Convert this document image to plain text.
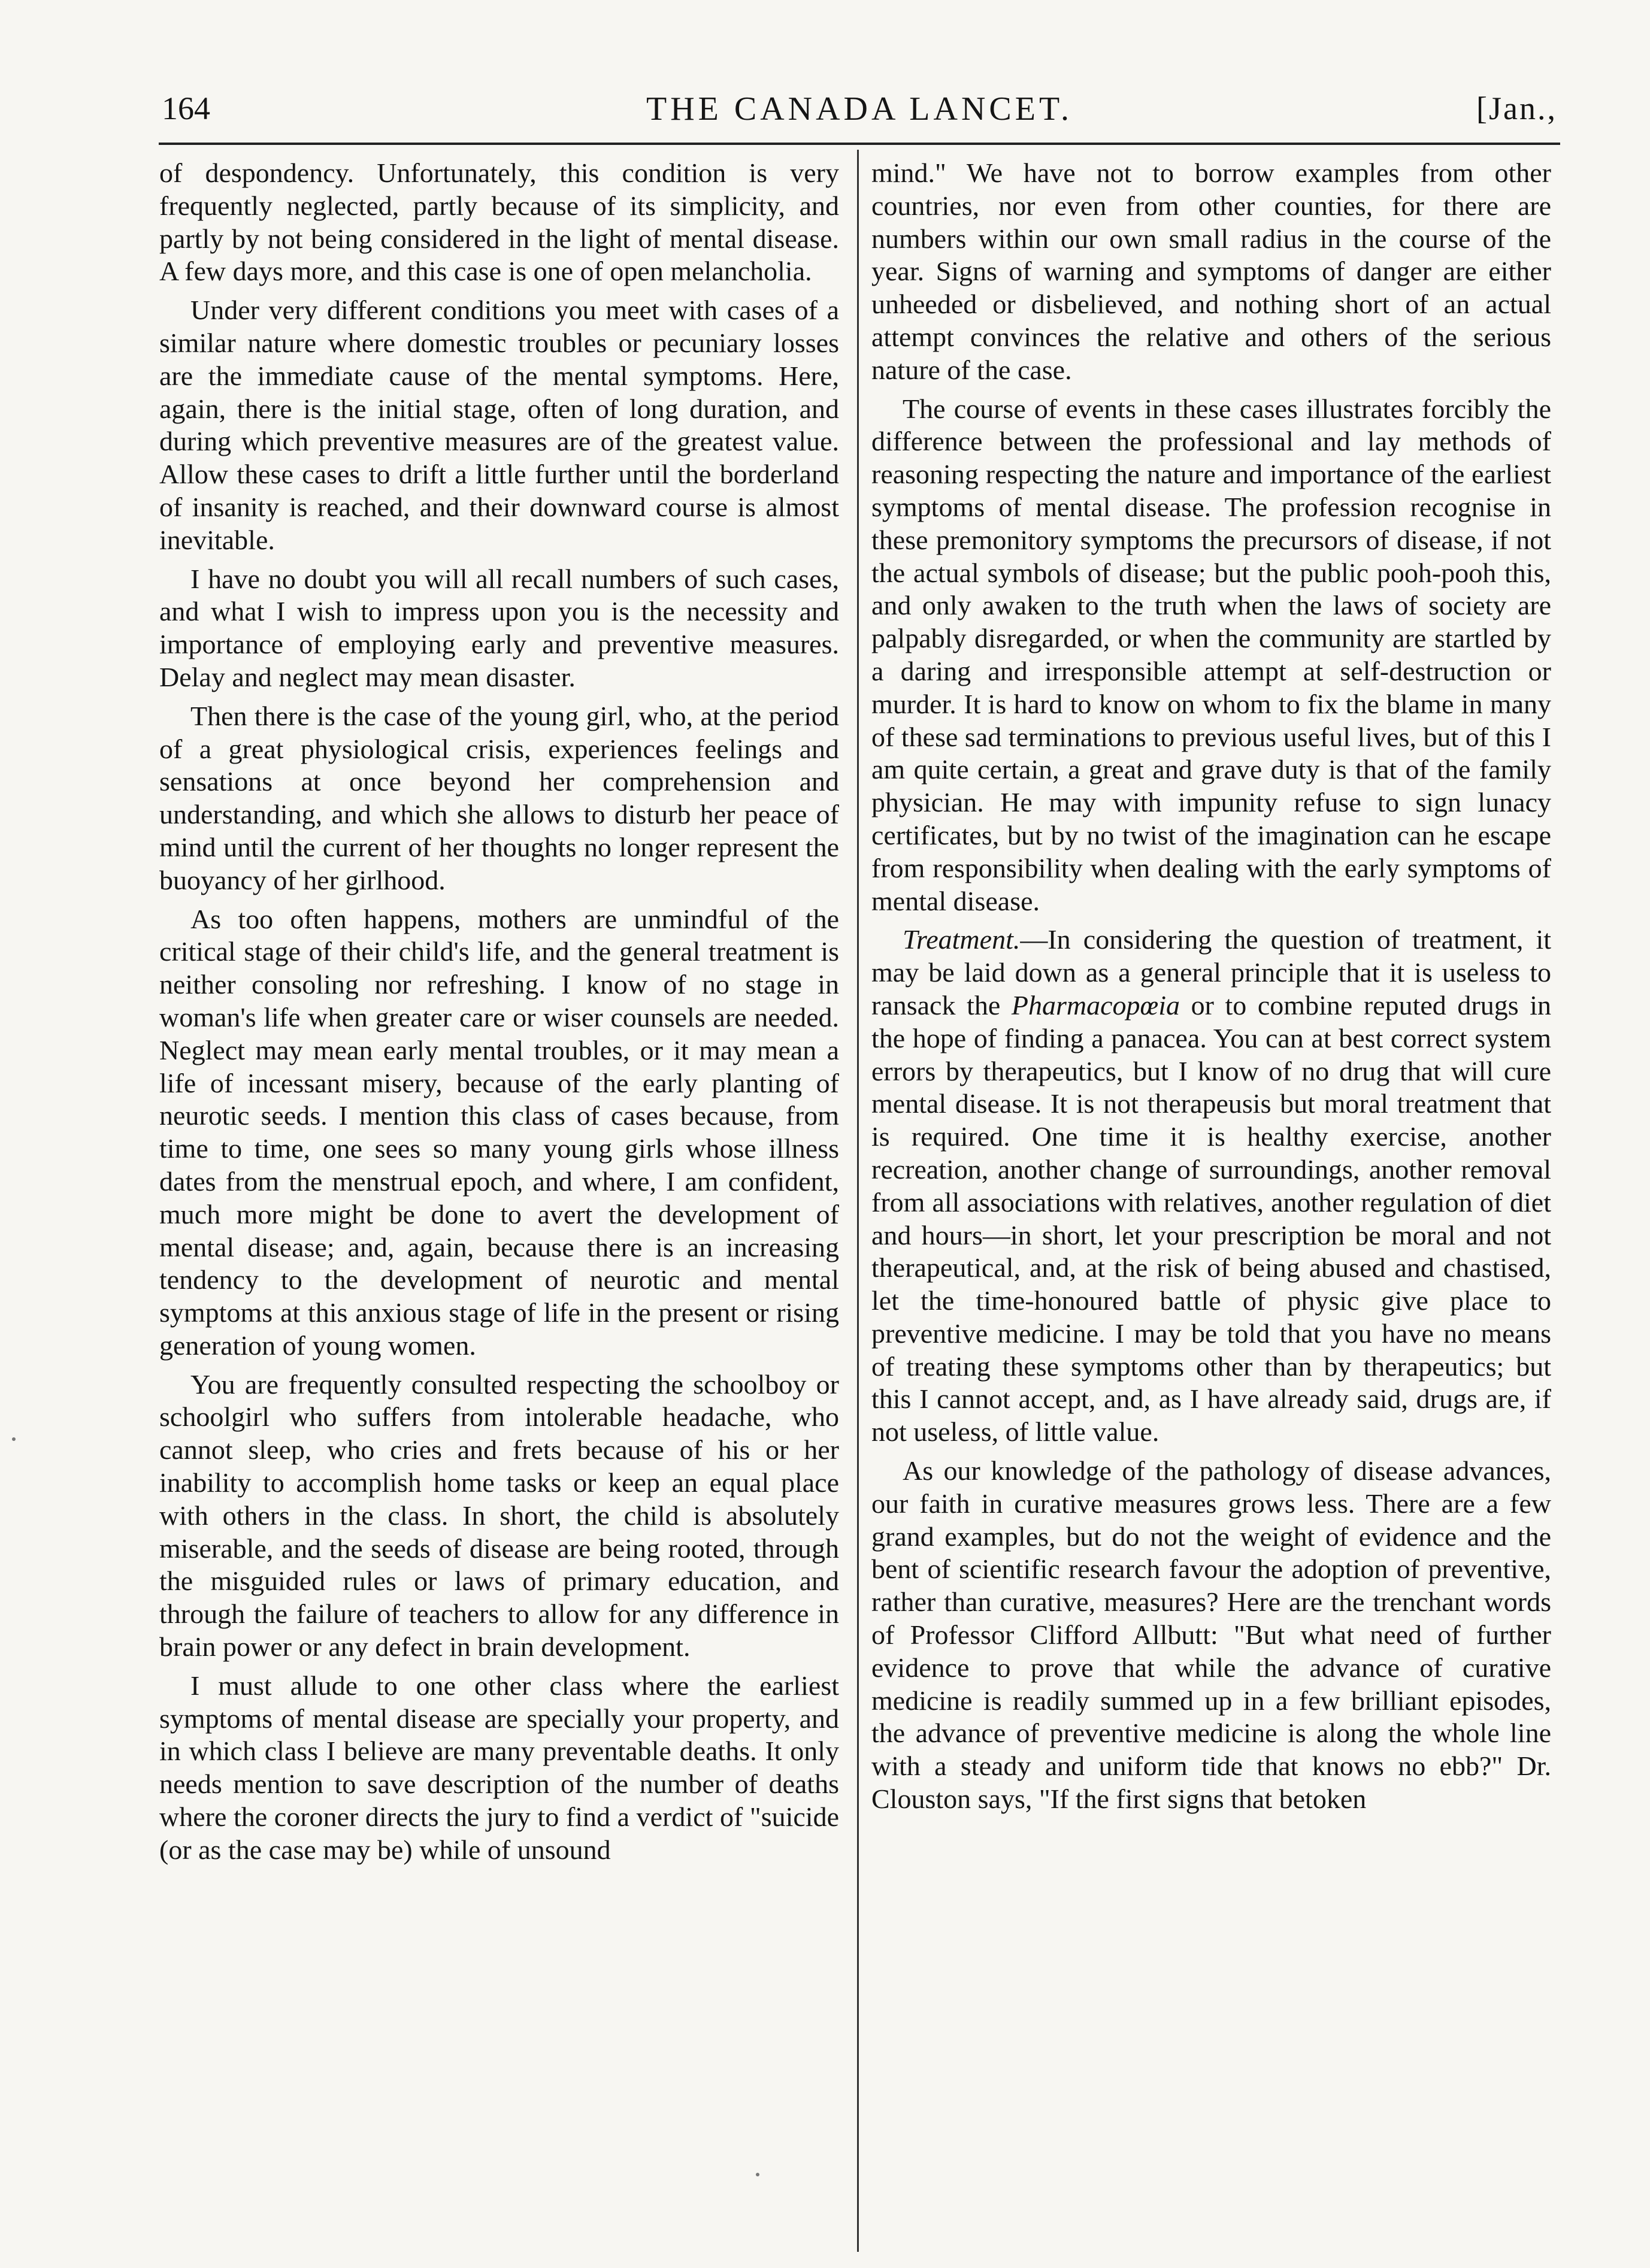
164	THE CANADA LANCET.	[Jan.,

of despondency. Unfortunately, this condition is very frequently neglected, partly because of its simplicity, and partly by not being considered in the light of mental disease. A few days more, and this case is one of open melancholia.

Under very different conditions you meet with cases of a similar nature where domestic troubles or pecuniary losses are the immediate cause of the mental symptoms. Here, again, there is the initial stage, often of long duration, and during which preventive measures are of the greatest value. Allow these cases to drift a little further until the borderland of insanity is reached, and their downward course is almost inevitable.

I have no doubt you will all recall numbers of such cases, and what I wish to impress upon you is the necessity and importance of employing early and preventive measures. Delay and neglect may mean disaster.

Then there is the case of the young girl, who, at the period of a great physiological crisis, experiences feelings and sensations at once beyond her comprehension and understanding, and which she allows to disturb her peace of mind until the current of her thoughts no longer represent the buoyancy of her girlhood.

As too often happens, mothers are unmindful of the critical stage of their child's life, and the general treatment is neither consoling nor refreshing. I know of no stage in woman's life when greater care or wiser counsels are needed. Neglect may mean early mental troubles, or it may mean a life of incessant misery, because of the early planting of neurotic seeds. I mention this class of cases because, from time to time, one sees so many young girls whose illness dates from the menstrual epoch, and where, I am confident, much more might be done to avert the development of mental disease; and, again, because there is an increasing tendency to the development of neurotic and mental symptoms at this anxious stage of life in the present or rising generation of young women.

You are frequently consulted respecting the schoolboy or schoolgirl who suffers from intolerable headache, who cannot sleep, who cries and frets because of his or her inability to accomplish home tasks or keep an equal place with others in the class. In short, the child is absolutely miserable, and the seeds of disease are being rooted, through the misguided rules or laws of primary education, and through the failure of teachers to allow for any difference in brain power or any defect in brain development.

I must allude to one other class where the earliest symptoms of mental disease are specially your property, and in which class I believe are many preventable deaths. It only needs mention to save description of the number of deaths where the coroner directs the jury to find a verdict of "suicide (or as the case may be) while of unsound

mind." We have not to borrow examples from other countries, nor even from other counties, for there are numbers within our own small radius in the course of the year. Signs of warning and symptoms of danger are either unheeded or disbelieved, and nothing short of an actual attempt convinces the relative and others of the serious nature of the case.

The course of events in these cases illustrates forcibly the difference between the professional and lay methods of reasoning respecting the nature and importance of the earliest symptoms of mental disease. The profession recognise in these premonitory symptoms the precursors of disease, if not the actual symbols of disease; but the public pooh-pooh this, and only awaken to the truth when the laws of society are palpably disregarded, or when the community are startled by a daring and irresponsible attempt at self-destruction or murder. It is hard to know on whom to fix the blame in many of these sad terminations to previous useful lives, but of this I am quite certain, a great and grave duty is that of the family physician. He may with impunity refuse to sign lunacy certificates, but by no twist of the imagination can he escape from responsibility when dealing with the early symptoms of mental disease.

Treatment.—In considering the question of treatment, it may be laid down as a general principle that it is useless to ransack the Pharmacopœia or to combine reputed drugs in the hope of finding a panacea. You can at best correct system errors by therapeutics, but I know of no drug that will cure mental disease. It is not therapeusis but moral treatment that is required. One time it is healthy exercise, another recreation, another change of surroundings, another removal from all associations with relatives, another regulation of diet and hours—in short, let your prescription be moral and not therapeutical, and, at the risk of being abused and chastised, let the time-honoured battle of physic give place to preventive medicine. I may be told that you have no means of treating these symptoms other than by therapeutics; but this I cannot accept, and, as I have already said, drugs are, if not useless, of little value.

As our knowledge of the pathology of disease advances, our faith in curative measures grows less. There are a few grand examples, but do not the weight of evidence and the bent of scientific research favour the adoption of preventive, rather than curative, measures? Here are the trenchant words of Professor Clifford Allbutt: "But what need of further evidence to prove that while the advance of curative medicine is readily summed up in a few brilliant episodes, the advance of preventive medicine is along the whole line with a steady and uniform tide that knows no ebb?" Dr. Clouston says, "If the first signs that betoken
